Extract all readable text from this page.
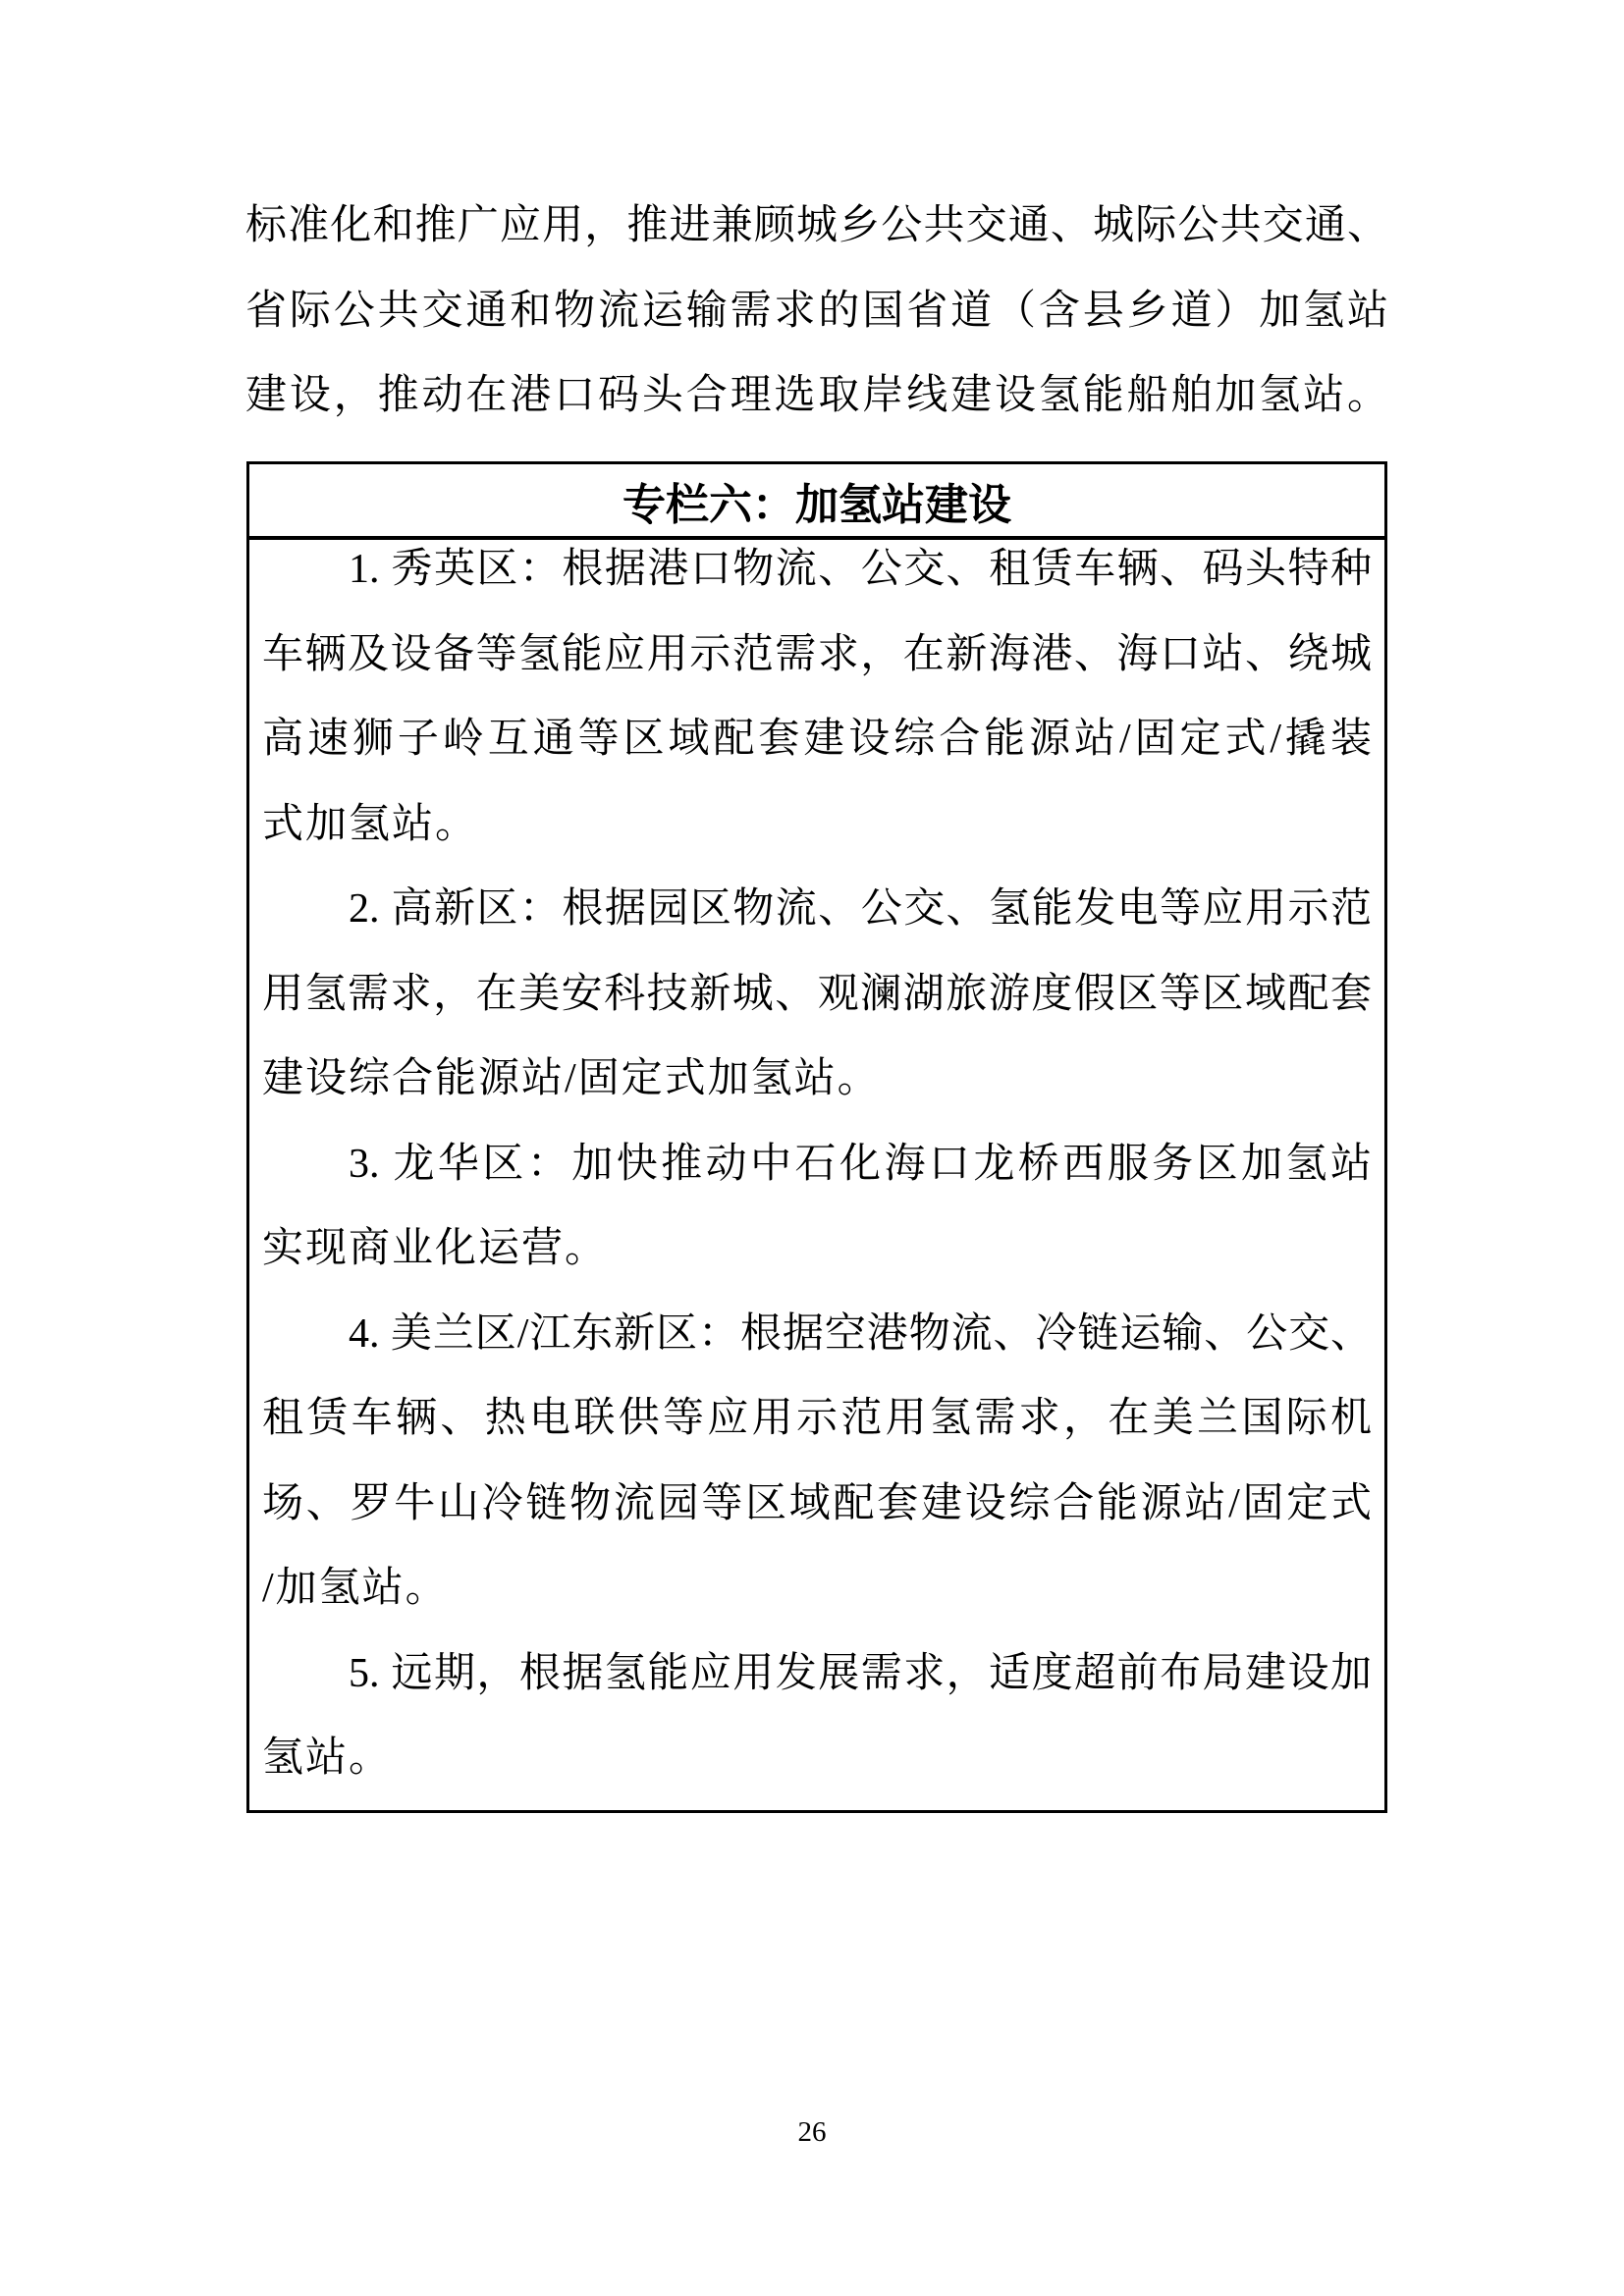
标准化和推广应用，推进兼顾城乡公共交通、城际公共交通、
省际公共交通和物流运输需求的国省道（含县乡道）加氢站
建设，推动在港口码头合理选取岸线建设氢能船舶加氢站。
专栏六：加氢站建设
1. 秀英区：根据港口物流、公交、租赁车辆、码头特种
车辆及设备等氢能应用示范需求，在新海港、海口站、绕城
高速狮子岭互通等区域配套建设综合能源站/固定式/撬装
式加氢站。
2. 高新区：根据园区物流、公交、氢能发电等应用示范
用氢需求，在美安科技新城、观澜湖旅游度假区等区域配套
建设综合能源站/固定式加氢站。
3. 龙华区：加快推动中石化海口龙桥西服务区加氢站
实现商业化运营。
4. 美兰区/江东新区：根据空港物流、冷链运输、公交、
租赁车辆、热电联供等应用示范用氢需求，在美兰国际机
场、罗牛山冷链物流园等区域配套建设综合能源站/固定式
/加氢站。
5. 远期，根据氢能应用发展需求，适度超前布局建设加
氢站。
26
